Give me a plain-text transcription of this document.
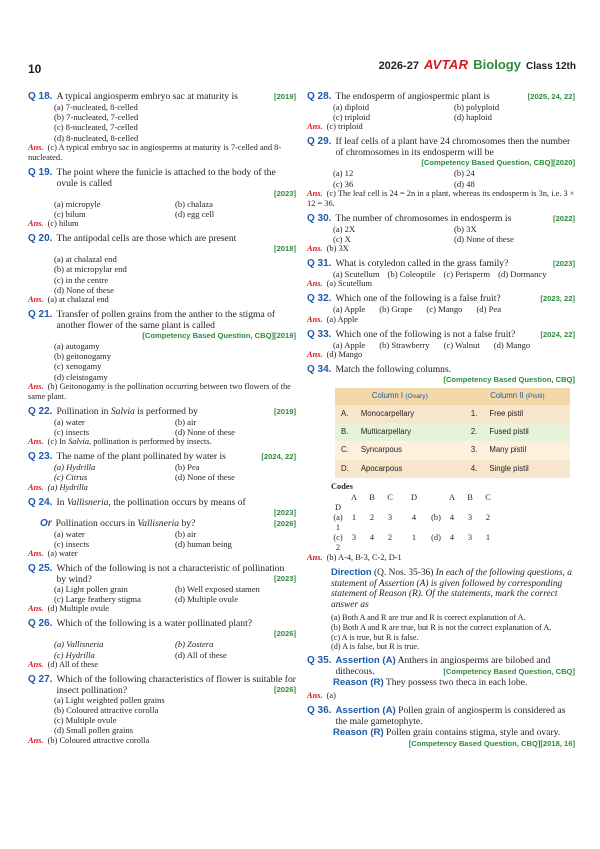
10	2026-27 AVTAR Biology Class 12th
Q 18.	[2019]
A typical angiosperm embryo sac at maturity is
(a) 7-nucleated, 8-celled
(b) 7-nucleated, 7-celled
(c) 8-nucleated, 7-celled
(d) 8-nucleated, 8-celled
Ans. (c) A typical embryo sac in angiosperms at maturity is 7-celled and 8-nucleated.
Q 19. The point where the funicle is attached to the body of the ovule is called
[2023]
(a) micropyle	(b) chalaza
(c) hilum	(d) egg cell
Ans. (c) hilum
Q 20. The antipodal cells are those which are present
[2018]
(a) at chalazal end
(b) at micropylar end
(c) in the centre
(d) None of these
Ans. (a) at chalazal end
Q 21. Transfer of pollen grains from the anther to the stigma of another flower of the same plant is called
[Competency Based Question, CBQ][2019]
(a) autogamy
(b) geitonogamy
(c) xenogamy
(d) cleistogamy
Ans. (b) Geitonogamy is the pollination occurring between two flowers of the same plant.
Q 22.	[2019]
Pollination in Salvia is performed by
(a) water	(b) air
(c) insects	(d) None of these
Ans. (c) In Salvia, pollination is performed by insects.
Q 23.	[2024, 22]
The name of the plant pollinated by water is
(a) Hydrilla	(b) Pea
(c) Citrus	(d) None of these
Ans. (a) Hydrilla
Q 24. In Vallisneria, the pollination occurs by means of
[2023]
Or Pollination occurs in Vallisneria by?	[2026]
(a) water	(b) air
(c) insects	(d) human being
Ans. (a) water
Q 25. Which of the following is not a characteristic of pollination by wind?	[2023]
(a) Light pollen grain	(b) Well exposed stamen
(c) Large feathery stigma	(d) Multiple ovule
Ans. (d) Multiple ovule
Q 26. Which of the following is a water pollinated plant?
[2026]
(a) Vallisneria	(b) Zostera
(c) Hydrilla	(d) All of these
Ans. (d) All of these
Q 27. Which of the following characteristics of flower is suitable for insect pollination?	[2026]
(a) Light weighted pollen grains
(b) Coloured attractive corolla
(c) Multiple ovule
(d) Small pollen grains
Ans. (b) Coloured attractive corolla
Q 28.	[2025, 24, 22]
The endosperm of angiospermic plant is
(a) diploid	(b) polyploid
(c) triploid	(d) haploid
Ans. (c) triploid
Q 29. If leaf cells of a plant have 24 chromosomes then the number of chromosomes in its endosperm will be
[Competency Based Question, CBQ][2020]
(a) 12	(b) 24
(c) 36	(d) 48
Ans. (c) The leaf cell is 24 = 2n in a plant, whereas its endosperm is 3n, i.e. 3 × 12 = 36.
Q 30.	[2022]
The number of chromosomes in endosperm is
(a) 2X	(b) 3X
(c) X	(d) None of these
Ans. (b) 3X
Q 31.	[2023]
What is cotyledon called in the grass family?
(a) Scutellum (b) Coleoptile (c) Perisperm (d) Dormancy
Ans. (a) Scutellum
Q 32.	[2023, 22]
Which one of the following is a false fruit?
(a) Apple (b) Grape (c) Mango (d) Pea
Ans. (a) Apple
Q 33.	[2024, 22]
Which one of the following is not a false fruit?
(a) Apple (b) Strawberry (c) Walnut (d) Mango
Ans. (d) Mango
Q 34. Match the following columns.
[Competency Based Question, CBQ]
Column I (Ovary)		Column II (Pistil)	
A.	Monocarpellary	1.	Free pistil
B.	Multicarpellary	2.	Fused pistil
C.	Syncarpous	3.	Many pistil
D.	Apocarpous	4.	Single pistil
Codes
A	B	C	D	A	B	C
D
(a)	1	2	3	4	(b)	4	3	2
1
(c)	3	4	2	1	(d)	4	3	1
2
Ans. (b) A-4, B-3, C-2, D-1
Direction (Q. Nos. 35-36) In each of the following questions, a statement of Assertion (A) is given followed by corresponding statement of Reason (R). Of the statements, mark the correct answer as
(a) Both A and R are true and R is correct explanation of A.
(b) Both A and R are true, but R is not the correct explanation of A.
(c) A is true, but R is false.
(d) A is false, but R is true.
Q 35. Assertion (A) Anthers in angiosperms are bilobed and dithecous.	[Competency Based Question, CBQ]
Reason (R) They possess two theca in each lobe.
Ans. (a)
Q 36. Assertion (A) Pollen grain of angiosperm is considered as the male gametophyte.
Reason (R) Pollen grain contains stigma, style and ovary.
[Competency Based Question, CBQ][2018, 16]
